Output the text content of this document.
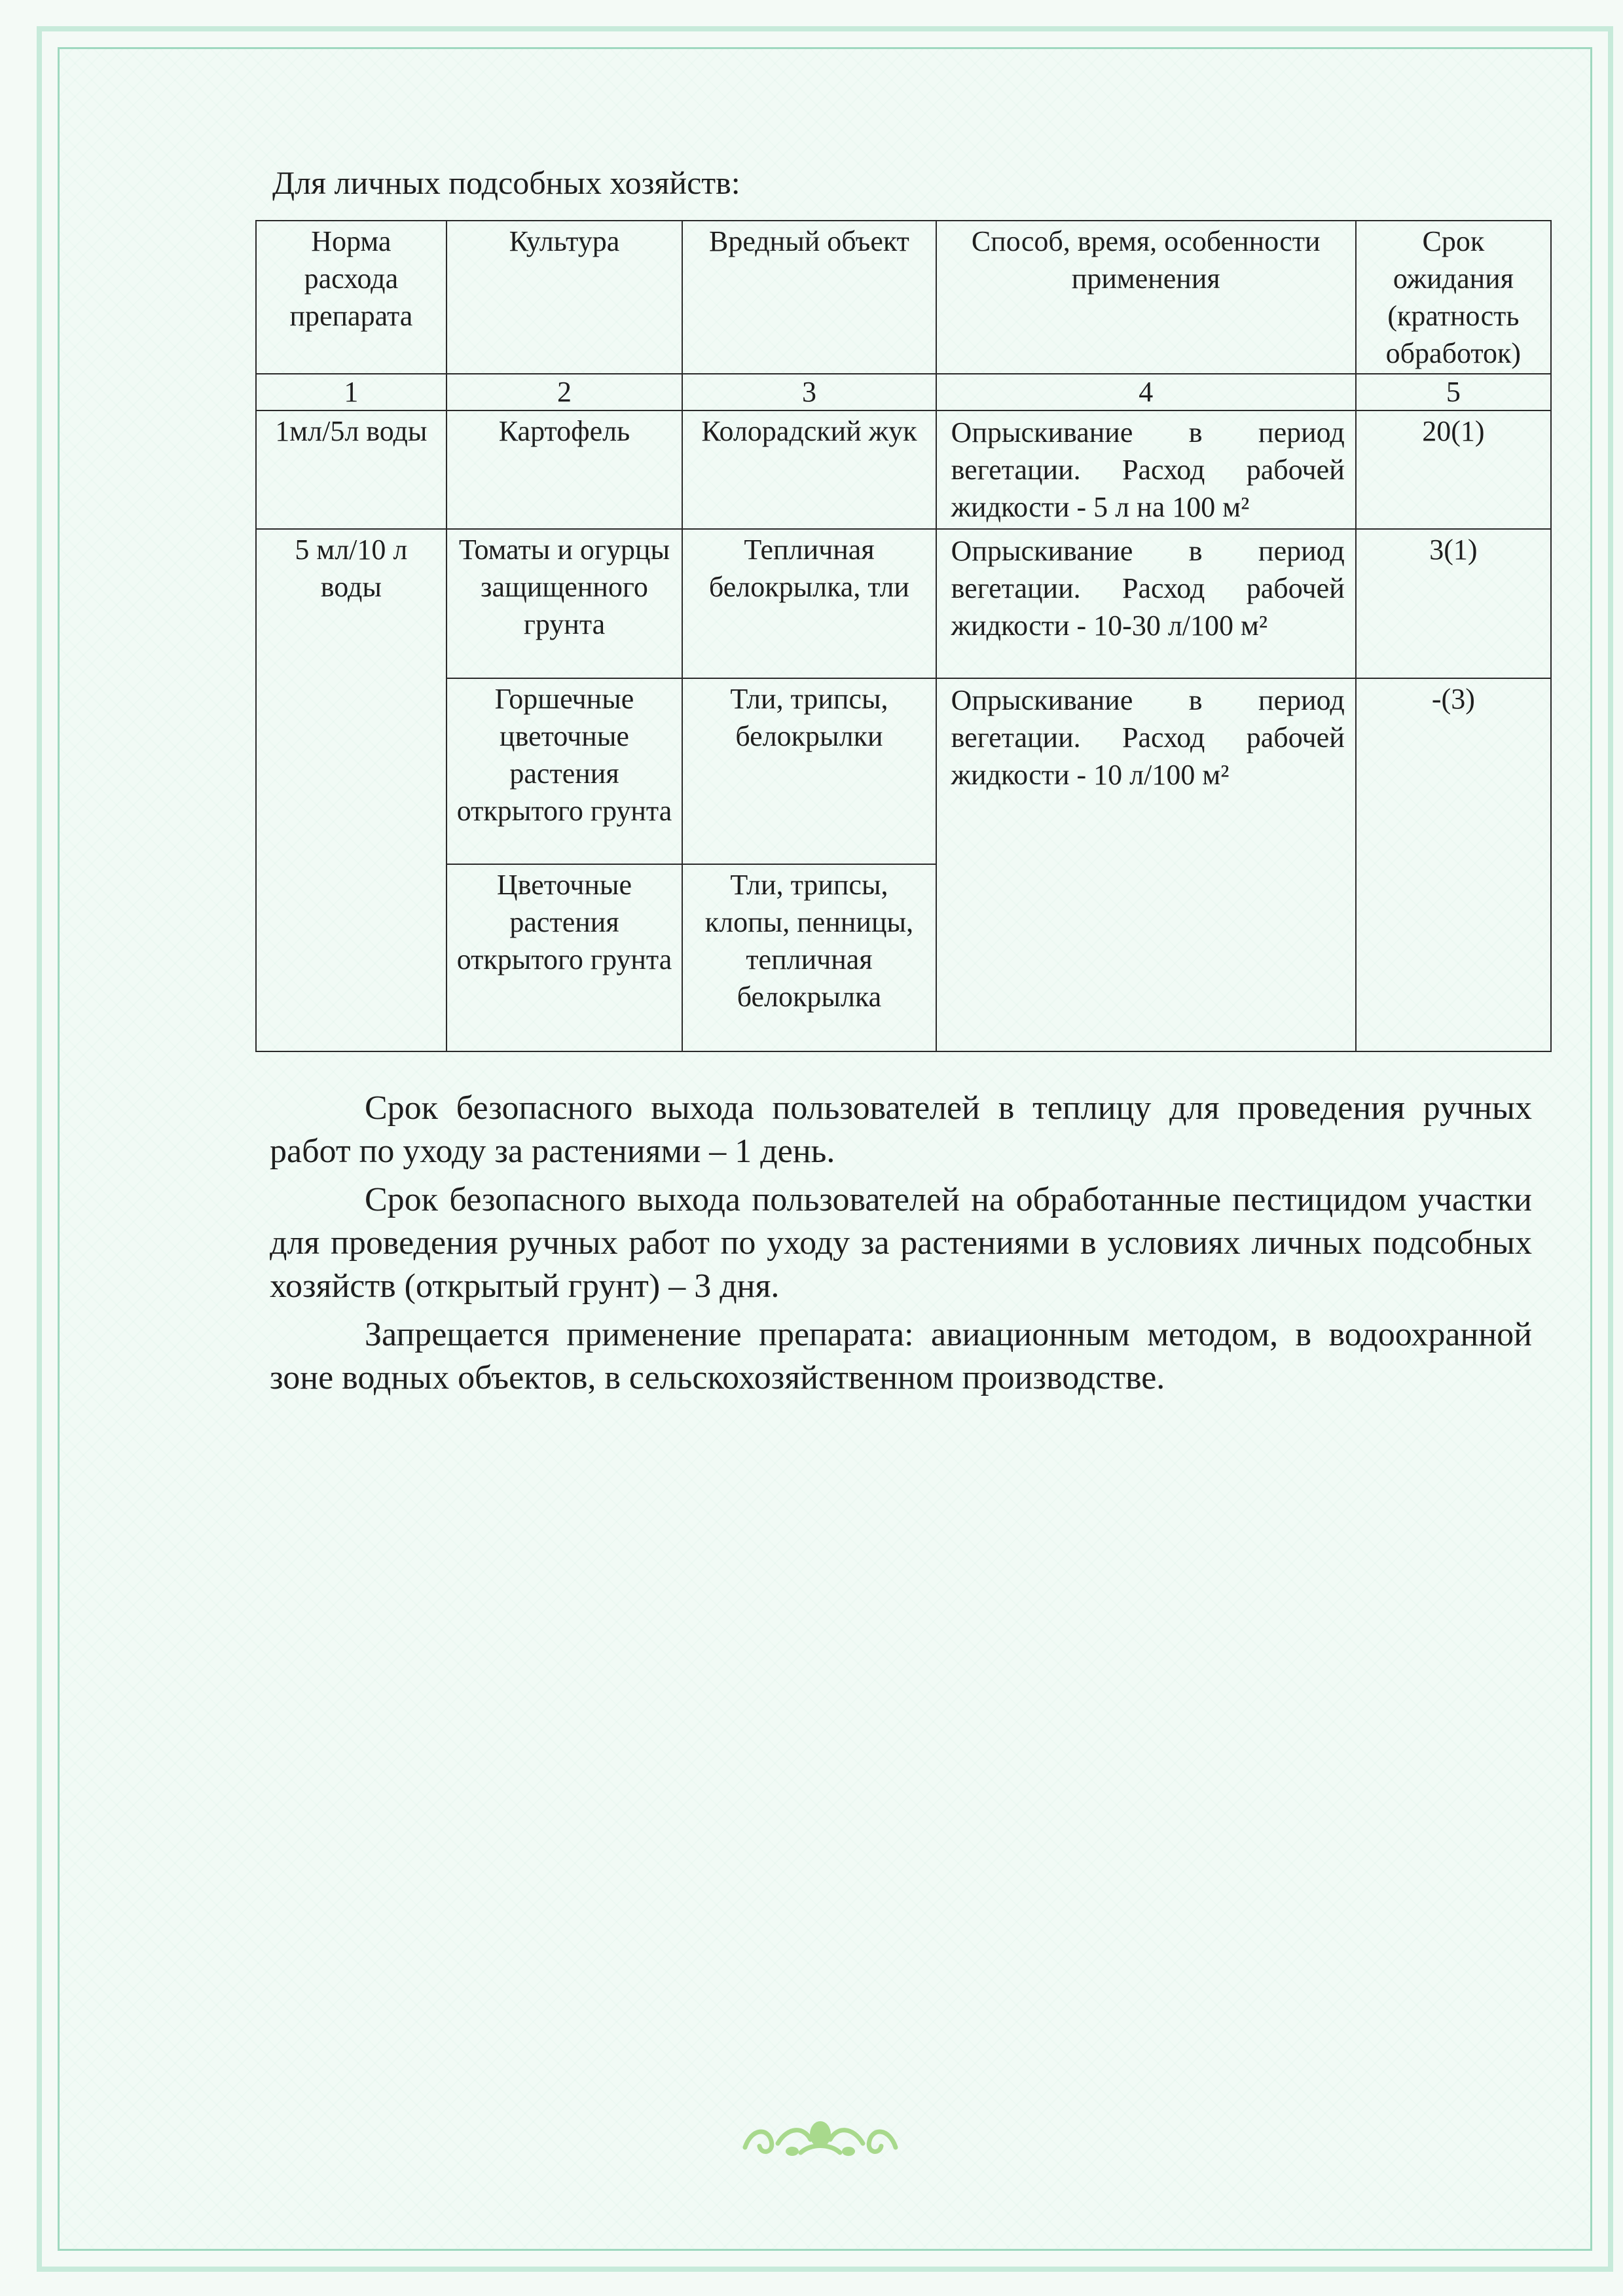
Для личных подсобных хозяйств:
Норма расхода препарата	Культура	Вредный объект	Способ, время, особенности применения	Срок ожидания (кратность обработок)
1	2	3	4	5
1мл/5л воды	Картофель	Колорадский жук	Опрыскивание в период вегетации. Расход рабочей жидкости - 5 л на 100 м²	20(1)
5 мл/10 л воды	Томаты и огурцы защищенного грунта	Тепличная белокрылка, тли	Опрыскивание в период вегетации. Расход рабочей жидкости - 10-30 л/100 м²	3(1)
	Горшечные цветочные растения открытого грунта	Тли, трипсы, белокрылки	Опрыскивание в период вегетации. Расход рабочей жидкости - 10 л/100 м²	-(3)
	Цветочные растения открытого грунта	Тли, трипсы, клопы, пенницы, тепличная белокрылка		

Срок безопасного выхода пользователей в теплицу для проведения ручных работ по уходу за растениями – 1 день.

Срок безопасного выхода пользователей на обработанные пестицидом участки для проведения ручных работ по уходу за растениями в условиях личных подсобных хозяйств (открытый грунт) – 3 дня.

Запрещается применение препарата: авиационным методом, в водоохранной зоне водных объектов, в сельскохозяйственном производстве.
